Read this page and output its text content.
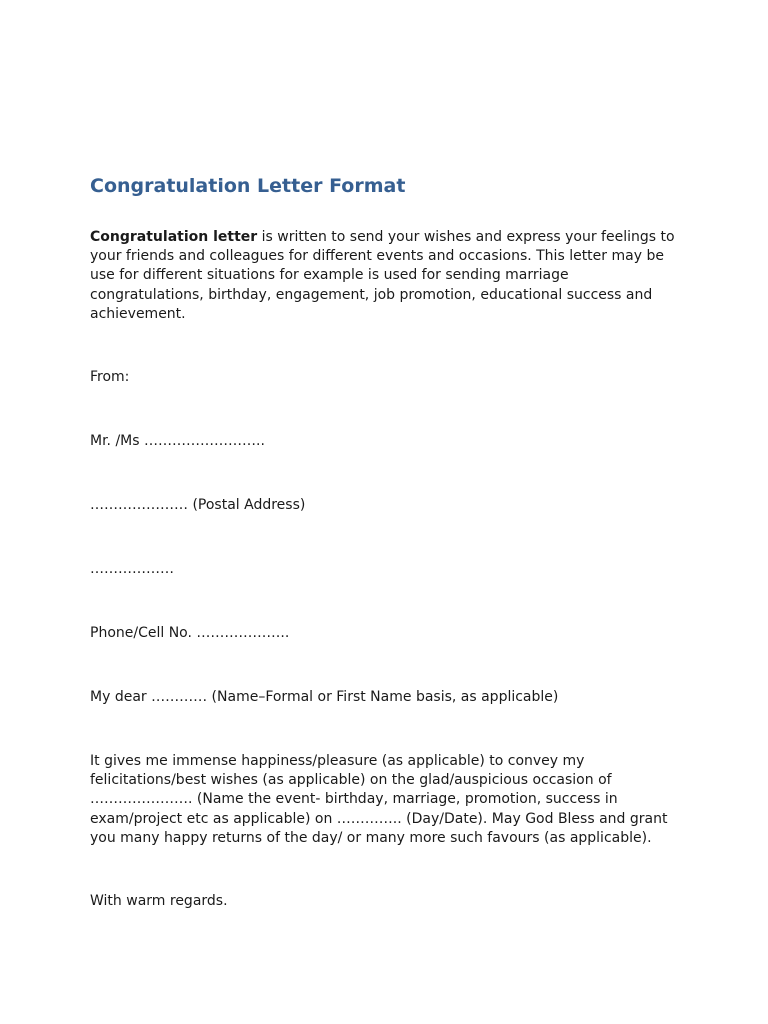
Congratulation Letter Format

Congratulation letter is written to send your wishes and express your feelings to your friends and colleagues for different events and occasions. This letter may be use for different situations for example is used for sending marriage congratulations, birthday, engagement, job promotion, educational success and achievement.

From:

Mr. /Ms ……………………..

………………… (Postal Address)

………………

Phone/Cell No. ………………..

My dear ………… (Name–Formal or First Name basis, as applicable)

It gives me immense happiness/pleasure (as applicable) to convey my felicitations/best wishes (as applicable) on the glad/auspicious occasion of …………………. (Name the event- birthday, marriage, promotion, success in exam/project etc as applicable) on ………….. (Day/Date). May God Bless and grant you many happy returns of the day/ or many more such favours (as applicable).

With warm regards.
